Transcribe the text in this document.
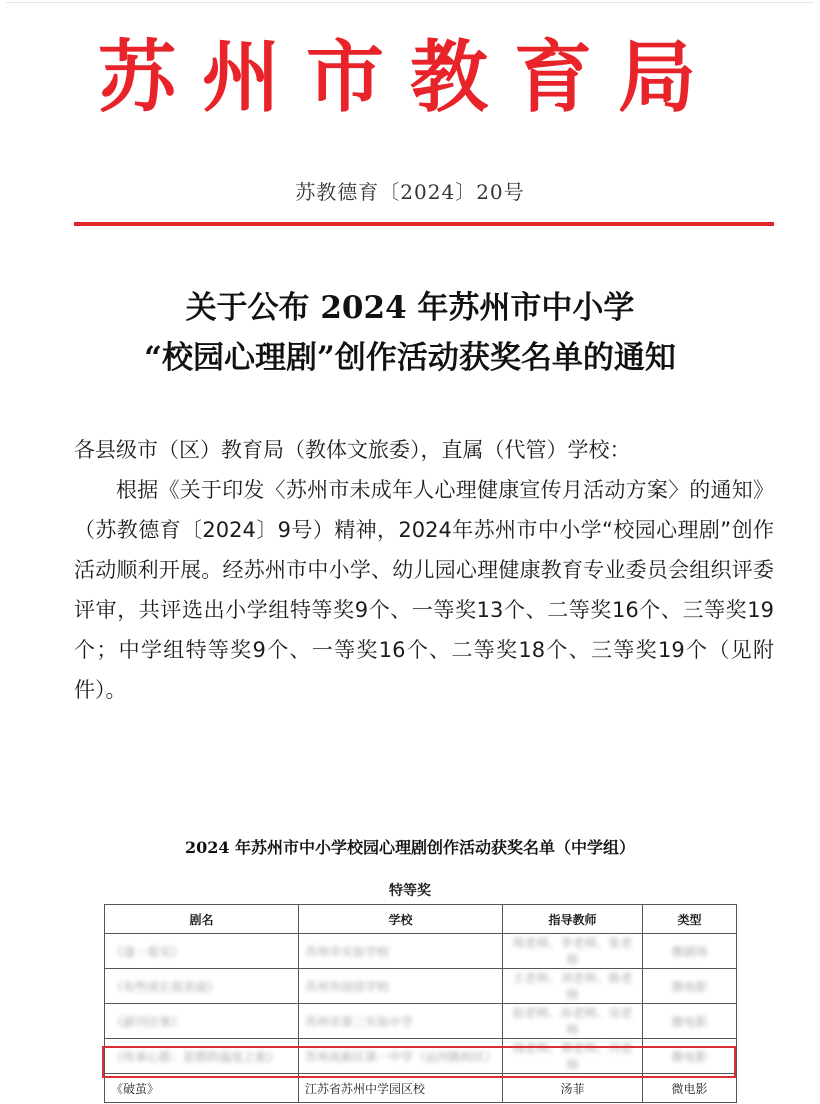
苏州市教育局
苏教德育〔2024〕20号
关于公布 2024 年苏州市中小学
“校园心理剧”创作活动获奖名单的通知

各县级市（区）教育局（教体文旅委），直属（代管）学校：

根据《关于印发〈苏州市未成年人心理健康宣传月活动方案〉的通知》（苏教德育〔2024〕9号）精神，2024年苏州市中小学“校园心理剧”创作活动顺利开展。经苏州市中小学、幼儿园心理健康教育专业委员会组织评委评审，共评选出小学组特等奖9个、一等奖13个、二等奖16个、三等奖19个；中学组特等奖9个、一等奖16个、二等奖18个、三等奖19个（见附件）。

2024 年苏州市中小学校园心理剧创作活动获奖名单（中学组）
特等奖
剧名	学校	指导教师	类型
《逐一看见》	苏州市实验学校	周老师、李老师、张老师	微剧场
《有些成长很美丽》	苏州外国语学校	王老师、刘老师、陈老师	微电影
《副刊往事》	苏州市第三实验中学	赵老师、孙老师、吴老师	微电影
《传承心愿：思想的温度之旅》	苏州高新区第一中学（运河路校区）	钱老师、郑老师、冯老师	微电影
《破茧》	江苏省苏州中学园区校	汤菲	微电影
